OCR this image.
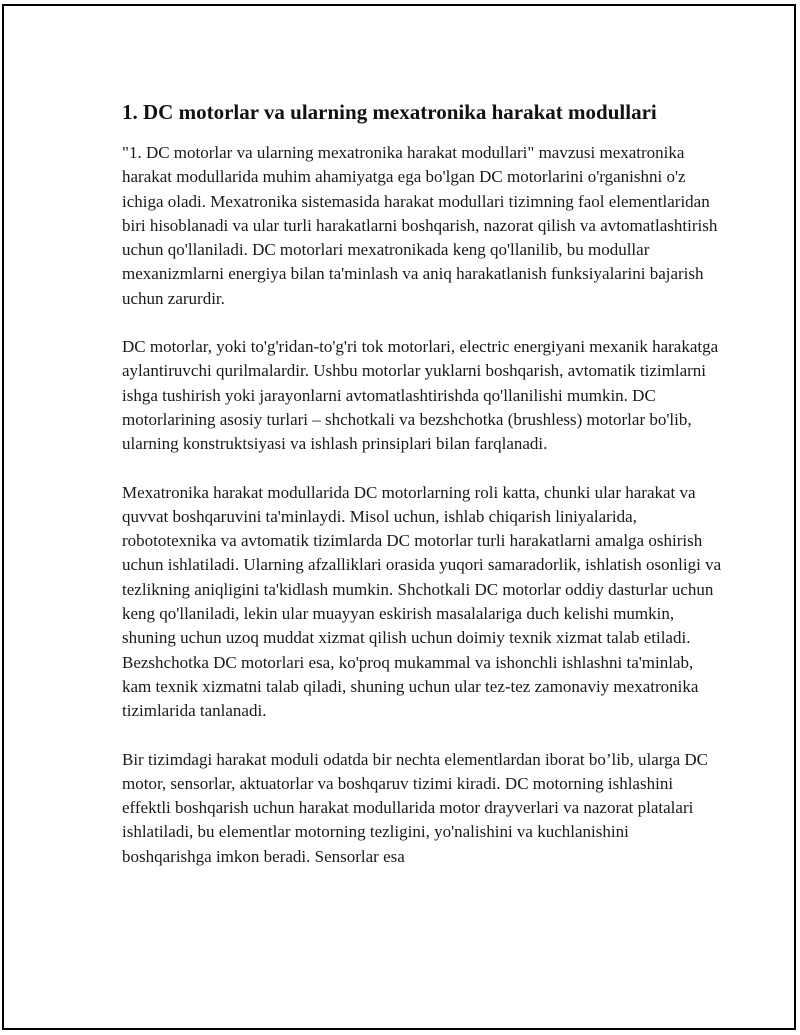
1. DC motorlar va ularning mexatronika harakat modullari

"1. DC motorlar va ularning mexatronika harakat modullari" mavzusi mexatronika harakat modullarida muhim ahamiyatga ega bo'lgan DC motorlarini o'rganishni o'z ichiga oladi. Mexatronika sistemasida harakat modullari tizimning faol elementlaridan biri hisoblanadi va ular turli harakatlarni boshqarish, nazorat qilish va avtomatlashtirish uchun qo'llaniladi. DC motorlari mexatronikada keng qo'llanilib, bu modullar mexanizmlarni energiya bilan ta'minlash va aniq harakatlanish funksiyalarini bajarish uchun zarurdir.

DC motorlar, yoki to'g'ridan-to'g'ri tok motorlari, electric energiyani mexanik harakatga aylantiruvchi qurilmalardir. Ushbu motorlar yuklarni boshqarish, avtomatik tizimlarni ishga tushirish yoki jarayonlarni avtomatlashtirishda qo'llanilishi mumkin. DC motorlarining asosiy turlari – shchotkali va bezshchotka (brushless) motorlar bo'lib, ularning konstruktsiyasi va ishlash prinsiplari bilan farqlanadi.

Mexatronika harakat modullarida DC motorlarning roli katta, chunki ular harakat va quvvat boshqaruvini ta'minlaydi. Misol uchun, ishlab chiqarish liniyalarida, robototexnika va avtomatik tizimlarda DC motorlar turli harakatlarni amalga oshirish uchun ishlatiladi. Ularning afzalliklari orasida yuqori samaradorlik, ishlatish osonligi va tezlikning aniqligini ta'kidlash mumkin. Shchotkali DC motorlar oddiy dasturlar uchun keng qo'llaniladi, lekin ular muayyan eskirish masalalariga duch kelishi mumkin, shuning uchun uzoq muddat xizmat qilish uchun doimiy texnik xizmat talab etiladi. Bezshchotka DC motorlari esa, ko'proq mukammal va ishonchli ishlashni ta'minlab, kam texnik xizmatni talab qiladi, shuning uchun ular tez-tez zamonaviy mexatronika tizimlarida tanlanadi.

Bir tizimdagi harakat moduli odatda bir nechta elementlardan iborat bo’lib, ularga DC motor, sensorlar, aktuatorlar va boshqaruv tizimi kiradi. DC motorning ishlashini effektli boshqarish uchun harakat modullarida motor drayverlari va nazorat platalari ishlatiladi, bu elementlar motorning tezligini, yo'nalishini va kuchlanishini boshqarishga imkon beradi. Sensorlar esa
